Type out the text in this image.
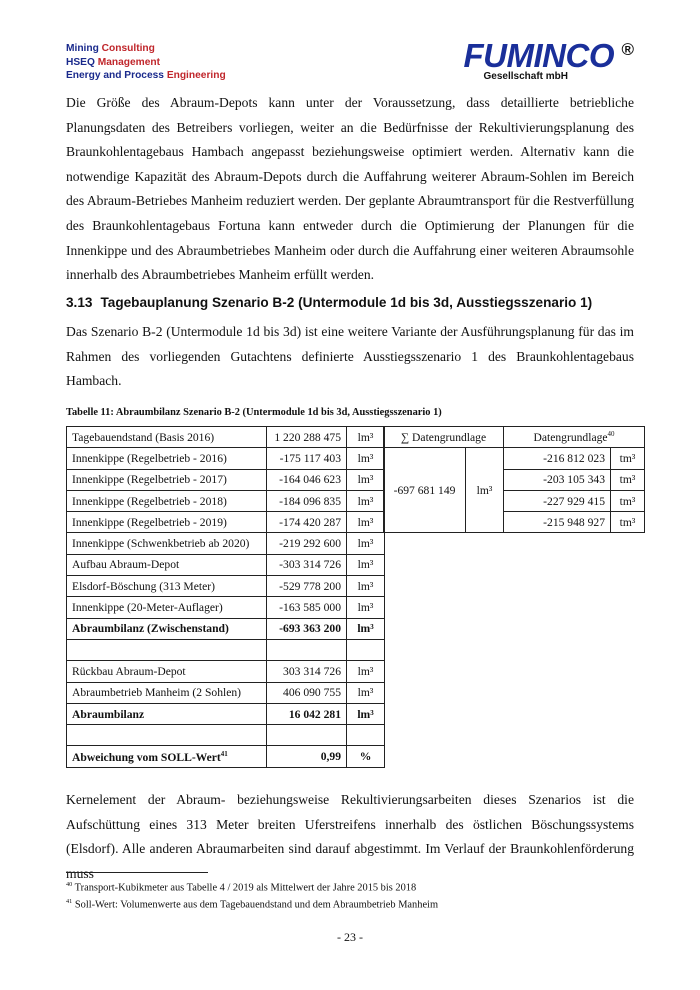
Mining Consulting
HSEQ Management
Energy and Process Engineering
FUMINCO ®
Gesellschaft mbH

Die Größe des Abraum-Depots kann unter der Voraussetzung, dass detaillierte betriebliche Planungsdaten des Betreibers vorliegen, weiter an die Bedürfnisse der Rekultivierungsplanung des Braunkohlentagebaus Hambach angepasst beziehungsweise optimiert werden. Alternativ kann die notwendige Kapazität des Abraum-Depots durch die Auffahrung weiterer Abraum-Sohlen im Bereich des Abraum-Betriebes Manheim reduziert werden. Der geplante Abraumtransport für die Restverfüllung des Braunkohlentagebaus Fortuna kann entweder durch die Optimierung der Planungen für die Innenkippe und des Abraumbetriebes Manheim oder durch die Auffahrung einer weiteren Abraumsohle innerhalb des Abraumbetriebes Manheim erfüllt werden.

3.13 Tagebauplanung Szenario B-2 (Untermodule 1d bis 3d, Ausstiegsszenario 1)

Das Szenario B-2 (Untermodule 1d bis 3d) ist eine weitere Variante der Ausführungsplanung für das im Rahmen des vorliegenden Gutachtens definierte Ausstiegsszenario 1 des Braunkohlentagebaus Hambach.

Tabelle 11: Abraumbilanz Szenario B-2 (Untermodule 1d bis 3d, Ausstiegsszenario 1)
Tagebauendstand (Basis 2016)	1 220 288 475	lm³
Innenkippe (Regelbetrieb - 2016)	-175 117 403	lm³
Innenkippe (Regelbetrieb - 2017)	-164 046 623	lm³
Innenkippe (Regelbetrieb - 2018)	-184 096 835	lm³
Innenkippe (Regelbetrieb - 2019)	-174 420 287	lm³
Innenkippe (Schwenkbetrieb ab 2020)	-219 292 600	lm³
Aufbau Abraum-Depot	-303 314 726	lm³
Elsdorf-Böschung (313 Meter)	-529 778 200	lm³
Innenkippe (20-Meter-Auflager)	-163 585 000	lm³
Abraumbilanz (Zwischenstand)	-693 363 200	lm³

Rückbau Abraum-Depot	303 314 726	lm³
Abraumbetrieb Manheim (2 Sohlen)	406 090 755	lm³
Abraumbilanz	16 042 281	lm³

Abweichung vom SOLL-Wert$^{41}$	0,99	%
∑ Datengrundlage		Datengrundlage$^{40}$
-697 681 149	lm³	-216 812 023	tm³
		-203 105 343	tm³
		-227 929 415	tm³
		-215 948 927	tm³

Kernelement der Abraum- beziehungsweise Rekultivierungsarbeiten dieses Szenarios ist die Aufschüttung eines 313 Meter breiten Uferstreifens innerhalb des östlichen Böschungssystems (Elsdorf). Alle anderen Abraumarbeiten sind darauf abgestimmt. Im Verlauf der Braunkohlenförderung muss

$^{40}$ Transport-Kubikmeter aus Tabelle 4 / 2019 als Mittelwert der Jahre 2015 bis 2018
$^{41}$ Soll-Wert: Volumenwerte aus dem Tagebauendstand und dem Abraumbetrieb Manheim
- 23 -
